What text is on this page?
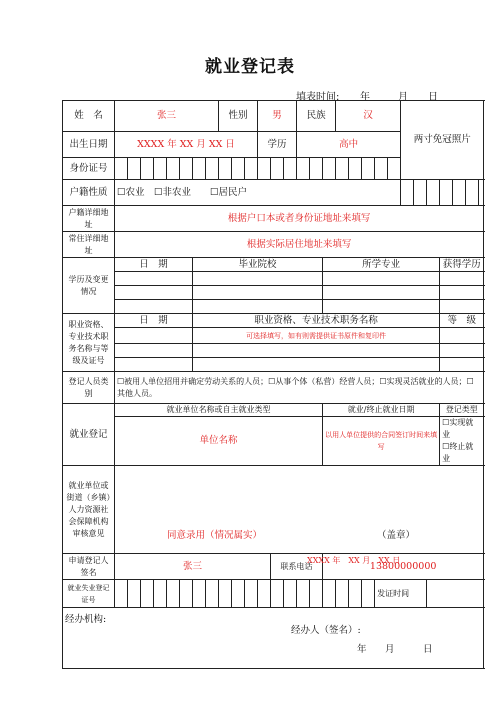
就业登记表
填表时间: 年	月 日
姓　名	张三								性别			男			民族			汉					两寸免冠照片						
出生日期	XXXX 年 XX 月 XX 日											学历			高中														
身份证号																													
户籍性质	☐农业　☐非农业　　☐居民户																												
户籍详细地址	根据户口本或者身份证地址来填写																												
常住详细地址	根据实际居住地址来填写																												
学历及变更情况	日　期						毕业院校										所学专业									获得学历			

职业资格、专业技术职务名称与等级及证号	日　期						职业资格、专业技术职务名称																			等　级			
							可选择填写，如有则需提供证书原件和复印件																						

登记人员类别	☐被用人单位招用并确定劳动关系的人员；☐从事个体（私营）经营人员；☐实现灵活就业的人员；☐其他人员。																												
就业登记	就业单位名称或自主就业类型																就业/终止就业日期									登记类型			
	单位名称																以用人单位提供的合同签订时间来填写									☐实现就业
☐终止就业			

就业单位或街道（乡镇）人力资源社会保障机构审核意见	同意录用（情况属实） （盖章）
XXXX 年　XX 月　XX 日																												

申请登记人签名	张三												联系电话				13800000000												
就业失业登记证号																					发证时间								

经办机构:
经办人（签名）:
年 月 日																													
